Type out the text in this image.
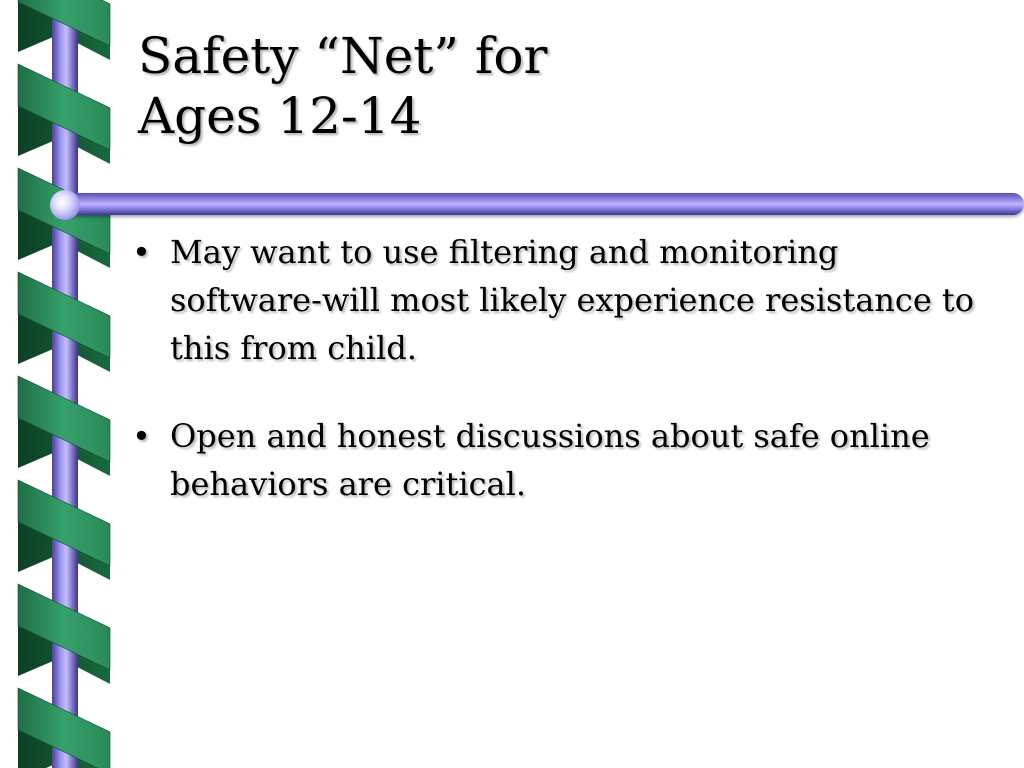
Safety “Net” for
Ages 12-14
• May want to use filtering and monitoring software-will most likely experience resistance to this from child.
• Open and honest discussions about safe online behaviors are critical.
